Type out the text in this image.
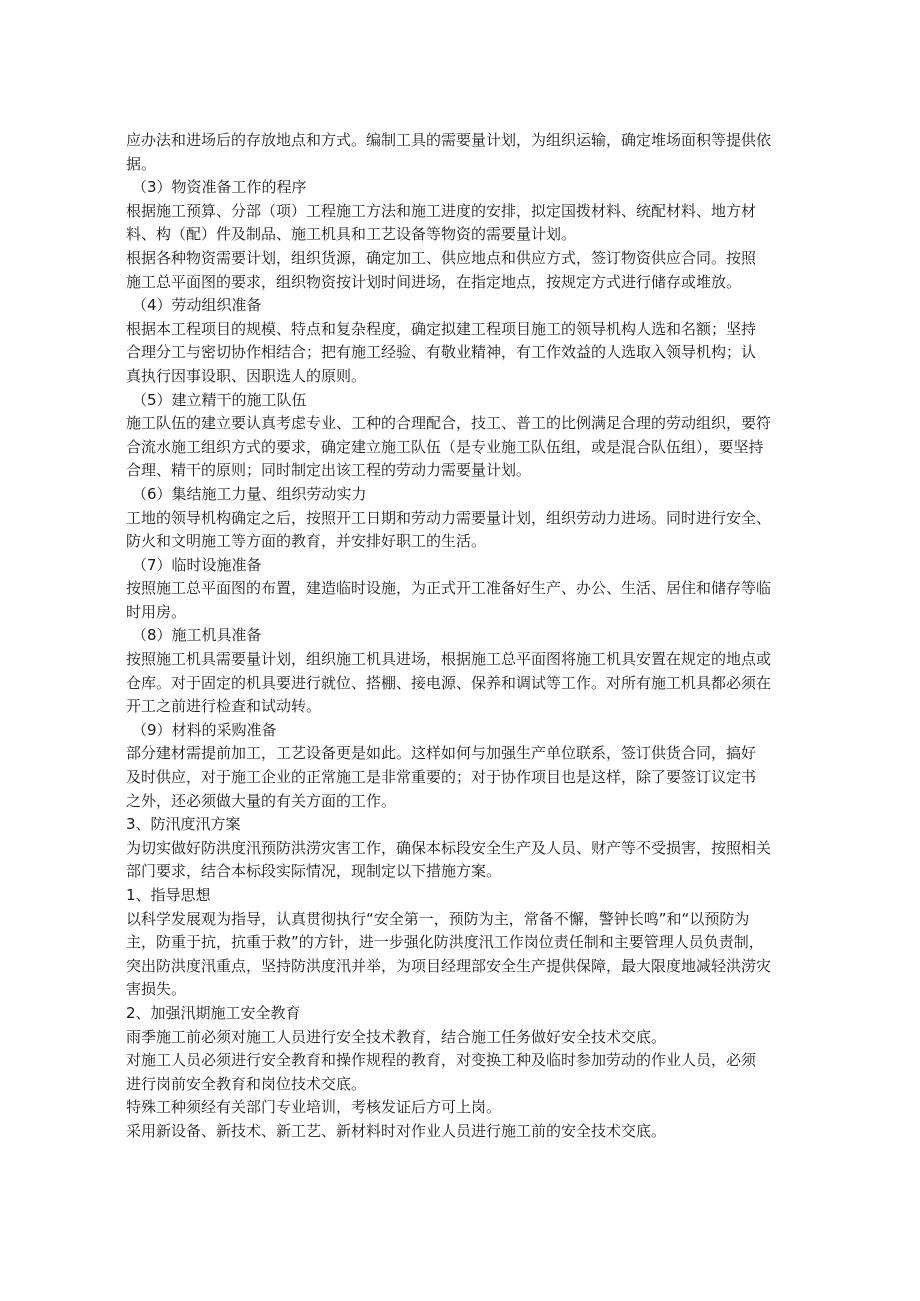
应办法和进场后的存放地点和方式。编制工具的需要量计划，为组织运输，确定堆场面积等提供依

据。

（3）物资准备工作的程序

根据施工预算、分部（项）工程施工方法和施工进度的安排，拟定国拨材料、统配材料、地方材

料、构（配）件及制品、施工机具和工艺设备等物资的需要量计划。

根据各种物资需要计划，组织货源，确定加工、供应地点和供应方式，签订物资供应合同。按照

施工总平面图的要求，组织物资按计划时间进场，在指定地点，按规定方式进行储存或堆放。

（4）劳动组织准备

根据本工程项目的规模、特点和复杂程度，确定拟建工程项目施工的领导机构人选和名额；坚持

合理分工与密切协作相结合；把有施工经验、有敬业精神，有工作效益的人选取入领导机构；认

真执行因事设职、因职选人的原则。

（5）建立精干的施工队伍

施工队伍的建立要认真考虑专业、工种的合理配合，技工、普工的比例满足合理的劳动组织，要符

合流水施工组织方式的要求，确定建立施工队伍（是专业施工队伍组，或是混合队伍组），要坚持

合理、精干的原则；同时制定出该工程的劳动力需要量计划。

（6）集结施工力量、组织劳动实力

工地的领导机构确定之后，按照开工日期和劳动力需要量计划，组织劳动力进场。同时进行安全、

防火和文明施工等方面的教育，并安排好职工的生活。

（7）临时设施准备

按照施工总平面图的布置，建造临时设施，为正式开工准备好生产、办公、生活、居住和储存等临

时用房。

（8）施工机具准备

按照施工机具需要量计划，组织施工机具进场，根据施工总平面图将施工机具安置在规定的地点或

仓库。对于固定的机具要进行就位、搭棚、接电源、保养和调试等工作。对所有施工机具都必须在

开工之前进行检查和试动转。

（9）材料的采购准备

部分建材需提前加工，工艺设备更是如此。这样如何与加强生产单位联系，签订供货合同，搞好

及时供应，对于施工企业的正常施工是非常重要的；对于协作项目也是这样，除了要签订议定书

之外，还必须做大量的有关方面的工作。

3、防汛度汛方案

为切实做好防洪度汛预防洪涝灾害工作，确保本标段安全生产及人员、财产等不受损害，按照相关

部门要求，结合本标段实际情况，现制定以下措施方案。

1、指导思想

以科学发展观为指导，认真贯彻执行“安全第一，预防为主，常备不懈，警钟长鸣”和“以预防为

主，防重于抗，抗重于救”的方针，进一步强化防洪度汛工作岗位责任制和主要管理人员负责制，

突出防洪度汛重点，坚持防洪度汛并举，为项目经理部安全生产提供保障，最大限度地减轻洪涝灾

害损失。

2、加强汛期施工安全教育

雨季施工前必须对施工人员进行安全技术教育，结合施工任务做好安全技术交底。

对施工人员必须进行安全教育和操作规程的教育，对变换工种及临时参加劳动的作业人员，必须

进行岗前安全教育和岗位技术交底。

特殊工种须经有关部门专业培训，考核发证后方可上岗。

采用新设备、新技术、新工艺、新材料时对作业人员进行施工前的安全技术交底。
